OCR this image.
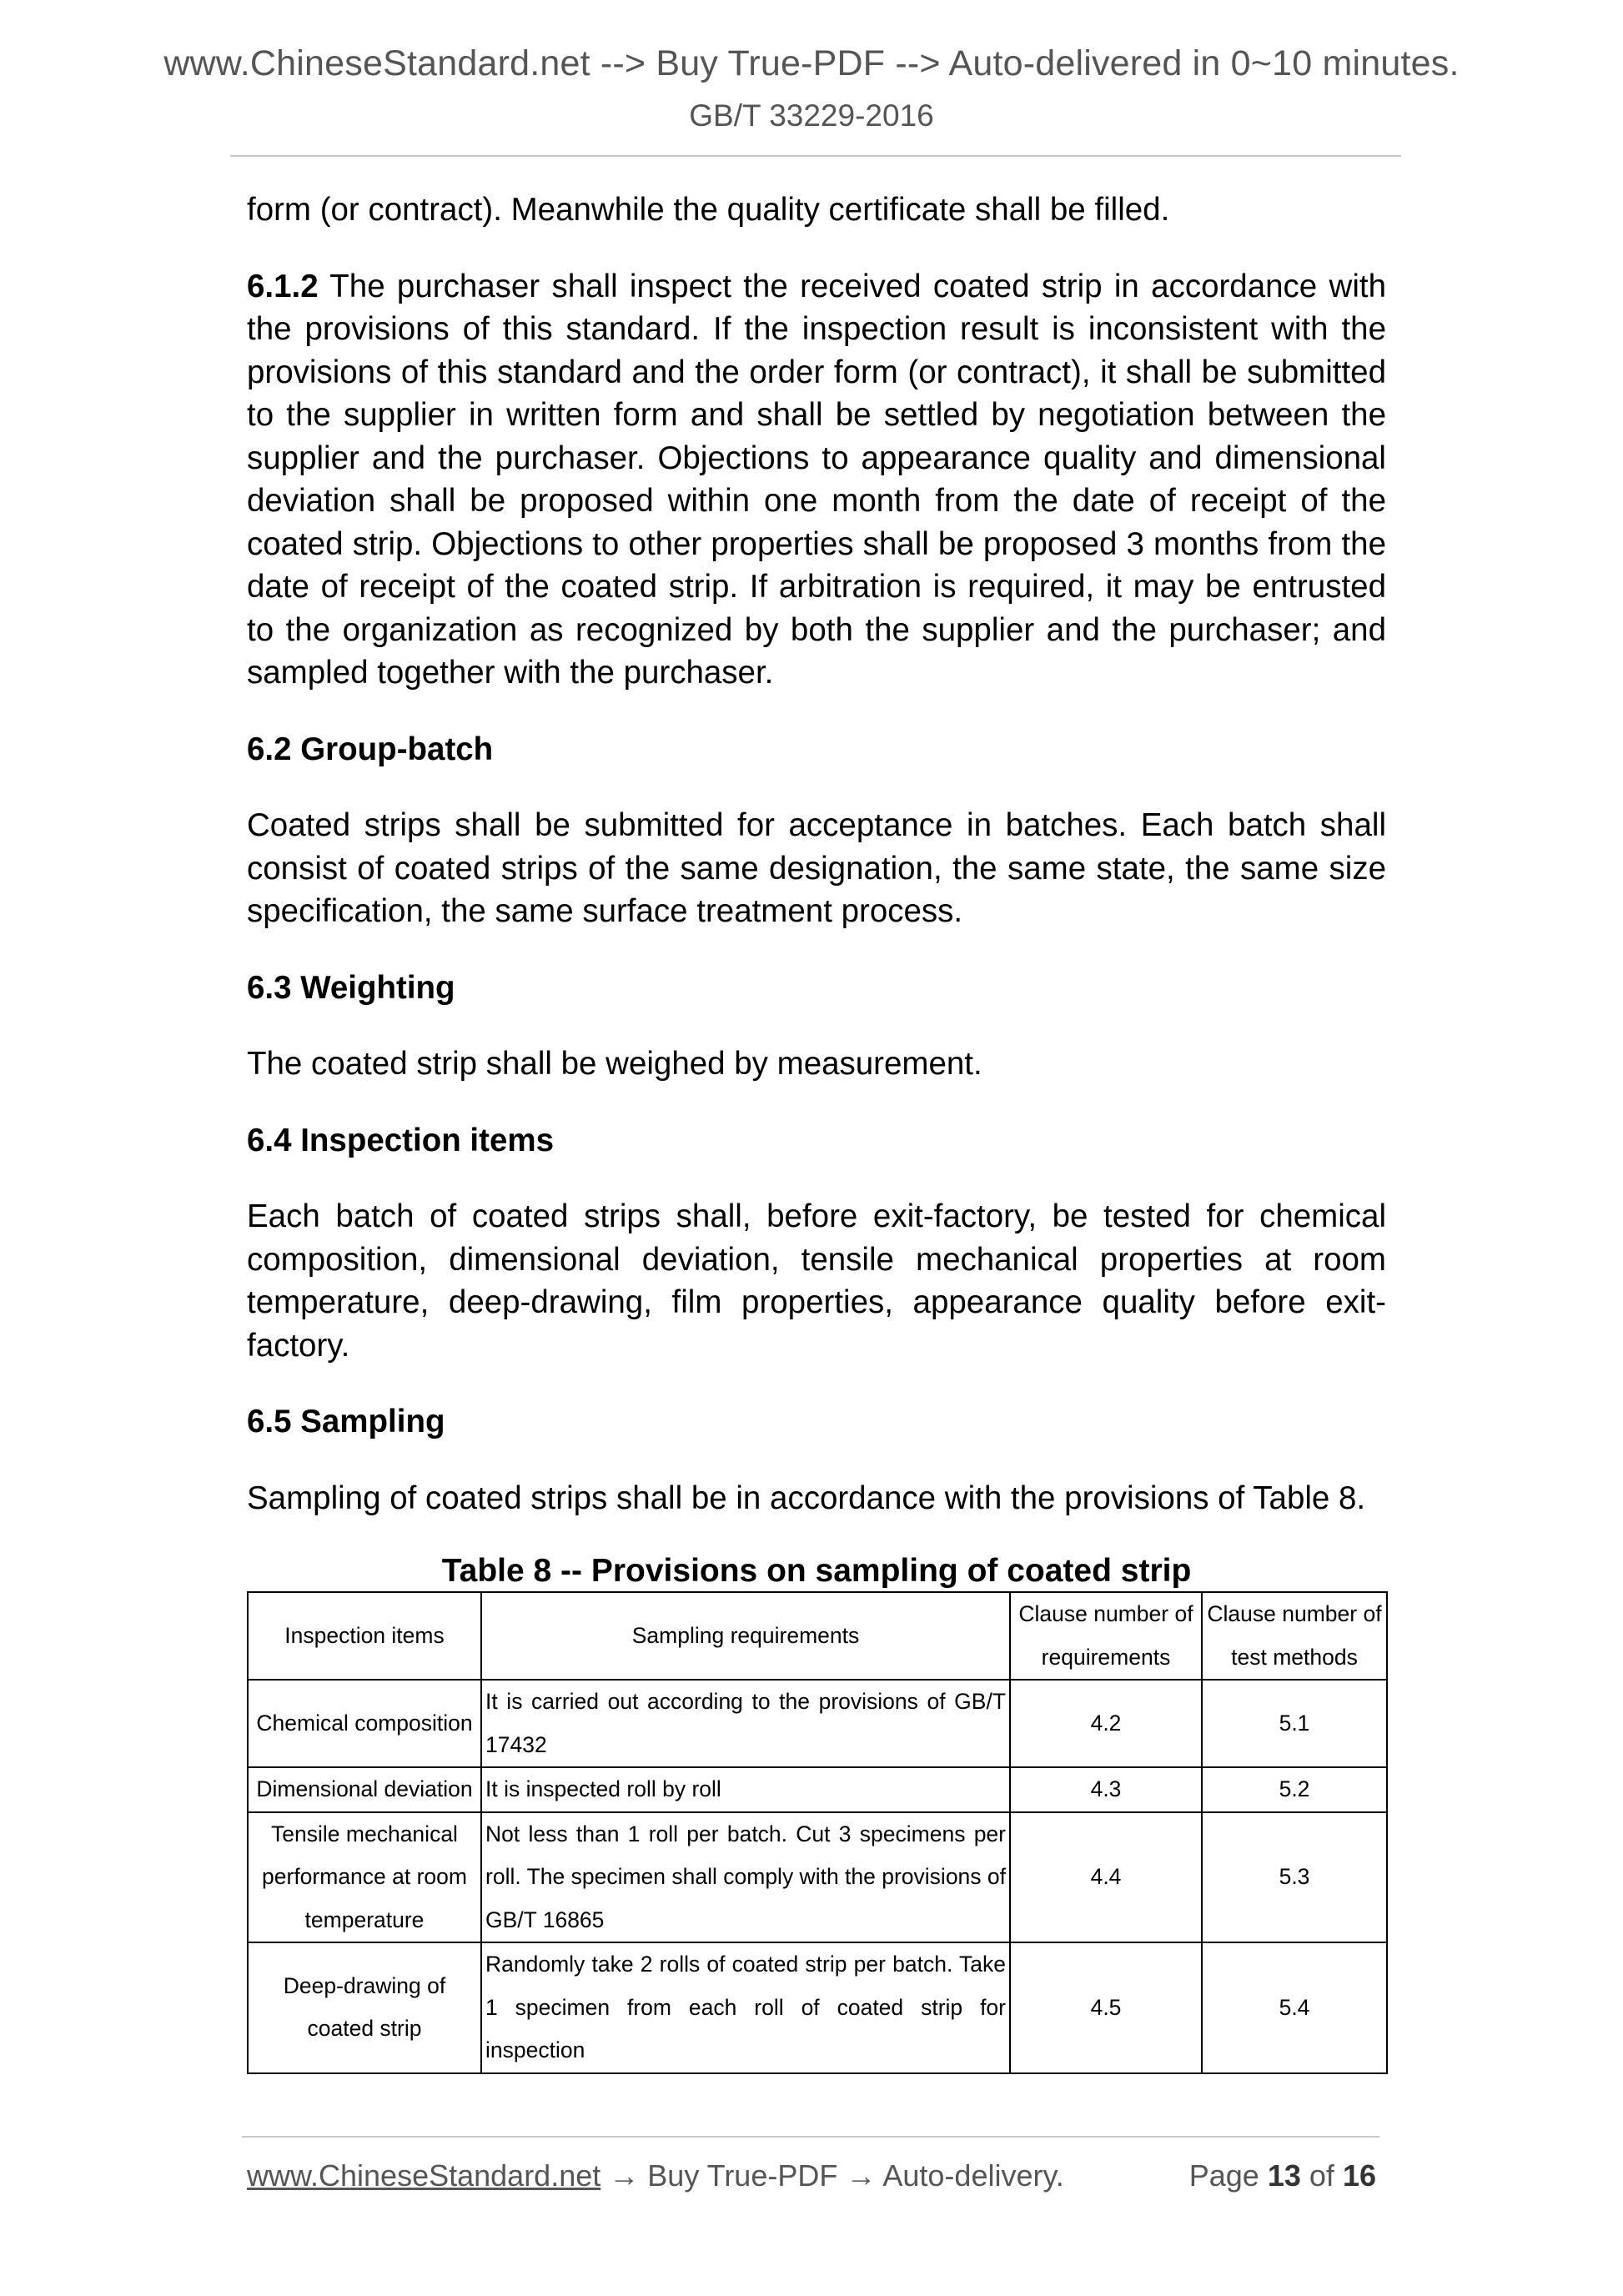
www.ChineseStandard.net --> Buy True-PDF --> Auto-delivered in 0~10 minutes.
GB/T 33229-2016

form (or contract). Meanwhile the quality certificate shall be filled.

6.1.2 The purchaser shall inspect the received coated strip in accordance with the provisions of this standard. If the inspection result is inconsistent with the provisions of this standard and the order form (or contract), it shall be submitted to the supplier in written form and shall be settled by negotiation between the supplier and the purchaser. Objections to appearance quality and dimensional deviation shall be proposed within one month from the date of receipt of the coated strip. Objections to other properties shall be proposed 3 months from the date of receipt of the coated strip. If arbitration is required, it may be entrusted to the organization as recognized by both the supplier and the purchaser; and sampled together with the purchaser.

6.2 Group-batch

Coated strips shall be submitted for acceptance in batches. Each batch shall consist of coated strips of the same designation, the same state, the same size specification, the same surface treatment process.

6.3 Weighting

The coated strip shall be weighed by measurement.

6.4 Inspection items

Each batch of coated strips shall, before exit-factory, be tested for chemical composition, dimensional deviation, tensile mechanical properties at room temperature, deep-drawing, film properties, appearance quality before exit-factory.

6.5 Sampling

Sampling of coated strips shall be in accordance with the provisions of Table 8.

Table 8 -- Provisions on sampling of coated strip
Inspection items	Sampling requirements	Clause number of requirements	Clause number of test methods
Chemical composition	It is carried out according to the provisions of GB/T 17432	4.2	5.1
Dimensional deviation	It is inspected roll by roll	4.3	5.2
Tensile mechanical performance at room temperature	Not less than 1 roll per batch. Cut 3 specimens per roll. The specimen shall comply with the provisions of GB/T 16865	4.4	5.3
Deep-drawing of coated strip	Randomly take 2 rolls of coated strip per batch. Take 1 specimen from each roll of coated strip for inspection	4.5	5.4
www.ChineseStandard.net → Buy True-PDF → Auto-delivery.	Page 13 of 16
